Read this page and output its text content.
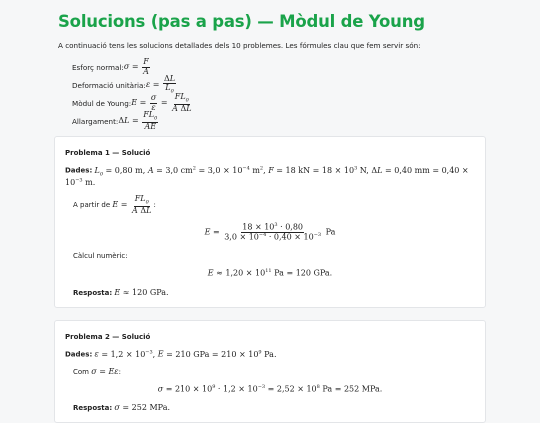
Solucions (pas a pas) — Mòdul de Young

A continuació tens les solucions detallades dels 10 problemes. Les fórmules clau que fem servir són:

Esforç normal: $\sigma = \frac{F}{A}$
Deformació unitària: $\varepsilon = \frac{\Delta L}{L_0}$
Mòdul de Young: $E = \frac{\sigma}{\varepsilon} = \frac{FL_0}{\text{A ΔL}}$
Allargament: $\Delta L = \frac{FL_0}{AE}$
Problema 1 — Solució
Dades: $L_0 = 0,80$ m, A = 3,0 $cm^2 = 3,0 \times 10^{-4}$ $m^2$, F = 18 kN = $18 \times 10^3$ N, ΔL = 0,40 mm = $0,40 \times 10^{-3}$ m.
A partir de $E = \frac{FL_0}{\text{A ΔL}}$ :
$E = \frac{18 \times 10^3 \cdot 0,80}{3,0 \times 10^{-4} \cdot 0,40 \times 10^{-3}}$ Pa
Càlcul numèric:
$E \approx 1,20 \times 10^{11}$ Pa = 120 GPa.
Resposta: E ≈ 120 GPa.
Problema 2 — Solució
Dades: $\varepsilon = 1,2 \times 10^{-3}$, E = 210 GPa = $210 \times 10^9$ Pa.
Com σ = Eε:
$\sigma = 210 \times 10^9 \cdot 1,2 \times 10^{-3} = 2,52 \times 10^8$ Pa = 252 MPa.
Resposta: σ = 252 MPa.
